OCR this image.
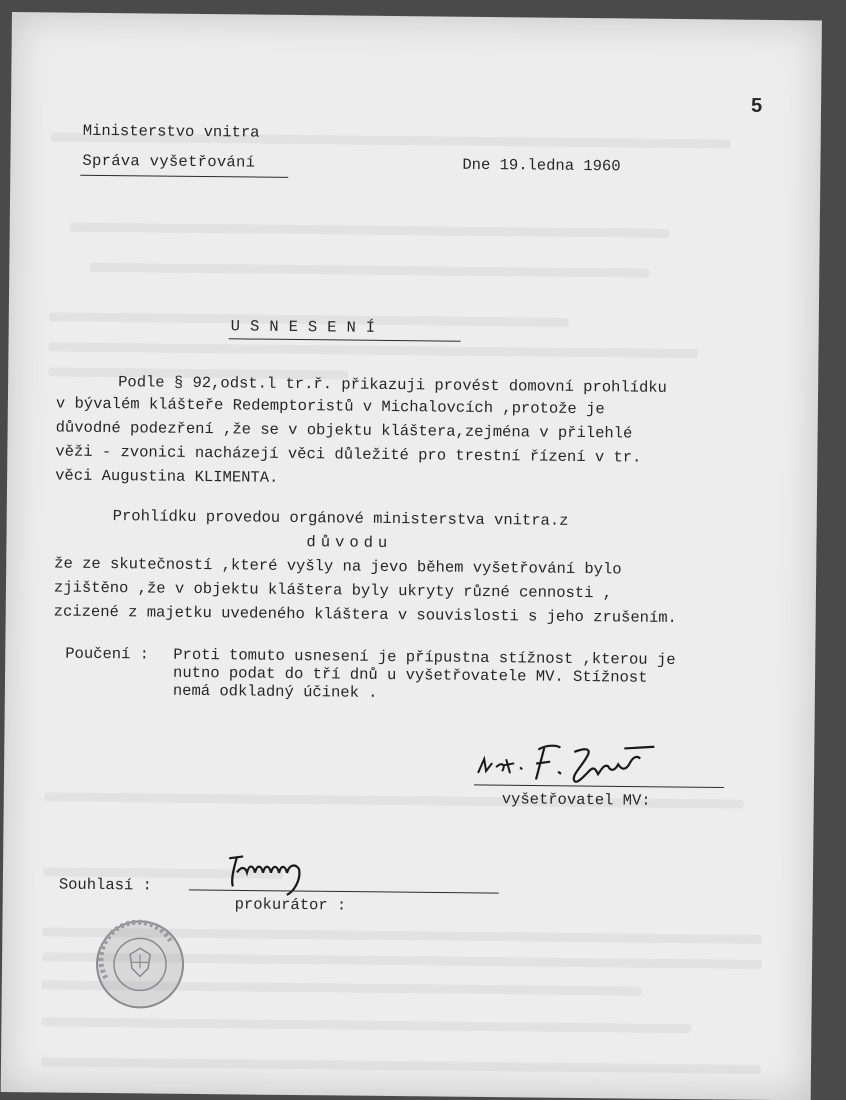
5
Ministerstvo vnitra
Správa vyšetřování	Dne 19.ledna 1960
USNESENÍ
Podle § 92,odst.l tr.ř. přikazuji provést domovní prohlídku
v bývalém klášteře Redemptoristů v Michalovcích ,protože je
důvodné podezření ,že se v objektu kláštera,zejména v přilehlé
věži - zvonici nacházejí věci důležité pro trestní řízení v tr.
věci Augustina KLIMENTA.
Prohlídku provedou orgánové ministerstva vnitra.z
důvodu
že ze skutečností ,které vyšly na jevo během vyšetřování bylo
zjištěno ,že v objektu kláštera byly ukryty různé cennosti ,
zcizené z majetku uvedeného kláštera v souvislosti s jeho zrušením.
Poučení : Proti tomuto usnesení je přípustna stížnost ,kterou je
nutno podat do tří dnů u vyšetřovatele MV. Stížnost
nemá odkladný účinek .
vyšetřovatel MV:
Souhlasí :
prokurátor :
